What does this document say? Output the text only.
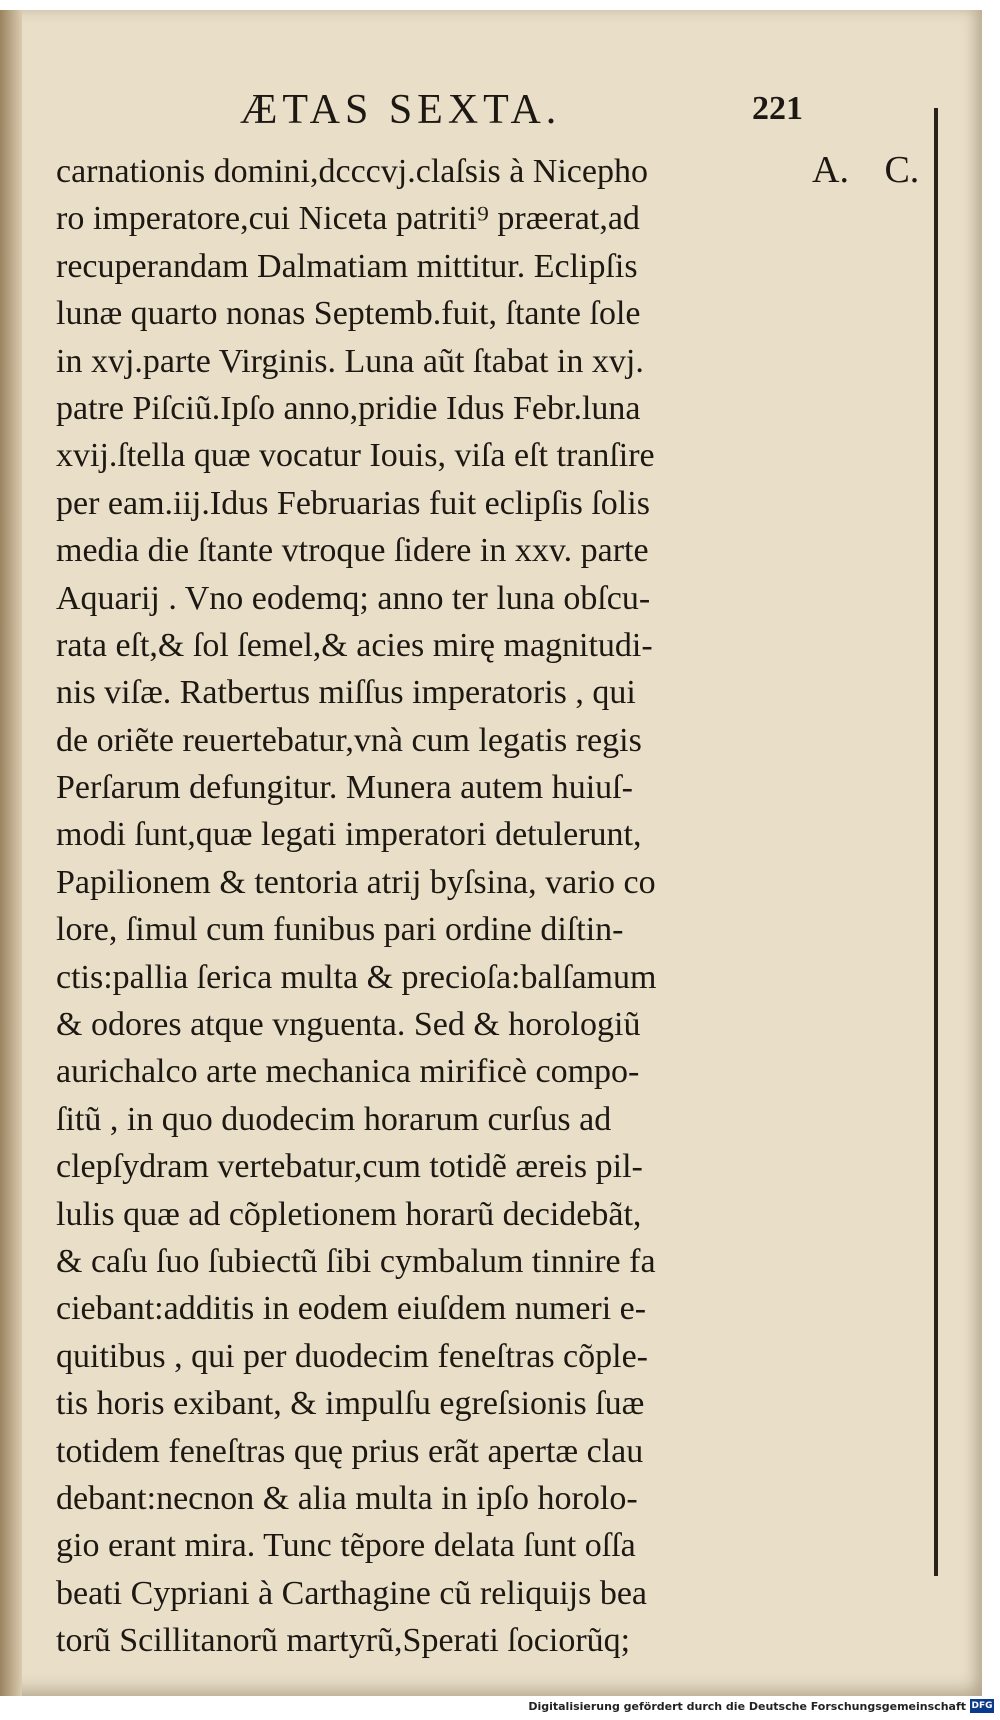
ÆTAS SEXTA.	221
A. C.
carnationis domini,dcccvj.claſsis à Nicepho
ro imperatore,cui Niceta patriti⁹ præerat,ad
recuperandam Dalmatiam mittitur. Eclipſis
lunæ quarto nonas Septemb.fuit, ſtante ſole
in xvj.parte Virginis. Luna aũt ſtabat in xvj.
patre Piſciũ.Ipſo anno,pridie Idus Febr.luna
xvij.ſtella quæ vocatur Iouis, viſa eſt tranſire
per eam.iij.Idus Februarias fuit eclipſis ſolis
media die ſtante vtroque ſidere in xxv. parte
Aquarij . Vno eodemq; anno ter luna obſcu-
rata eſt,& ſol ſemel,& acies mirę magnitudi-
nis viſæ. Ratbertus miſſus imperatoris , qui
de oriẽte reuertebatur,vnà cum legatis regis
Perſarum defungitur. Munera autem huiuſ-
modi ſunt,quæ legati imperatori detulerunt,
Papilionem & tentoria atrij byſsina, vario co
lore, ſimul cum funibus pari ordine diſtin-
ctis:pallia ſerica multa & precioſa:balſamum
& odores atque vnguenta. Sed & horologiũ
aurichalco arte mechanica mirificè compo-
ſitũ , in quo duodecim horarum curſus ad
clepſydram vertebatur,cum totidẽ æreis pil-
lulis quæ ad cõpletionem horarũ decidebãt,
& caſu ſuo ſubiectũ ſibi cymbalum tinnire fa
ciebant:additis in eodem eiuſdem numeri e-
quitibus , qui per duodecim feneſtras cõple-
tis horis exibant, & impulſu egreſsionis ſuæ
totidem feneſtras quę prius erãt apertæ clau
debant:necnon & alia multa in ipſo horolo-
gio erant mira. Tunc tẽpore delata ſunt oſſa
beati Cypriani à Carthagine cũ reliquijs bea
torũ Scillitanorũ martyrũ,Sperati ſociorũq;
Digitalisierung gefördert durch die Deutsche Forschungsgemeinschaft DFG
